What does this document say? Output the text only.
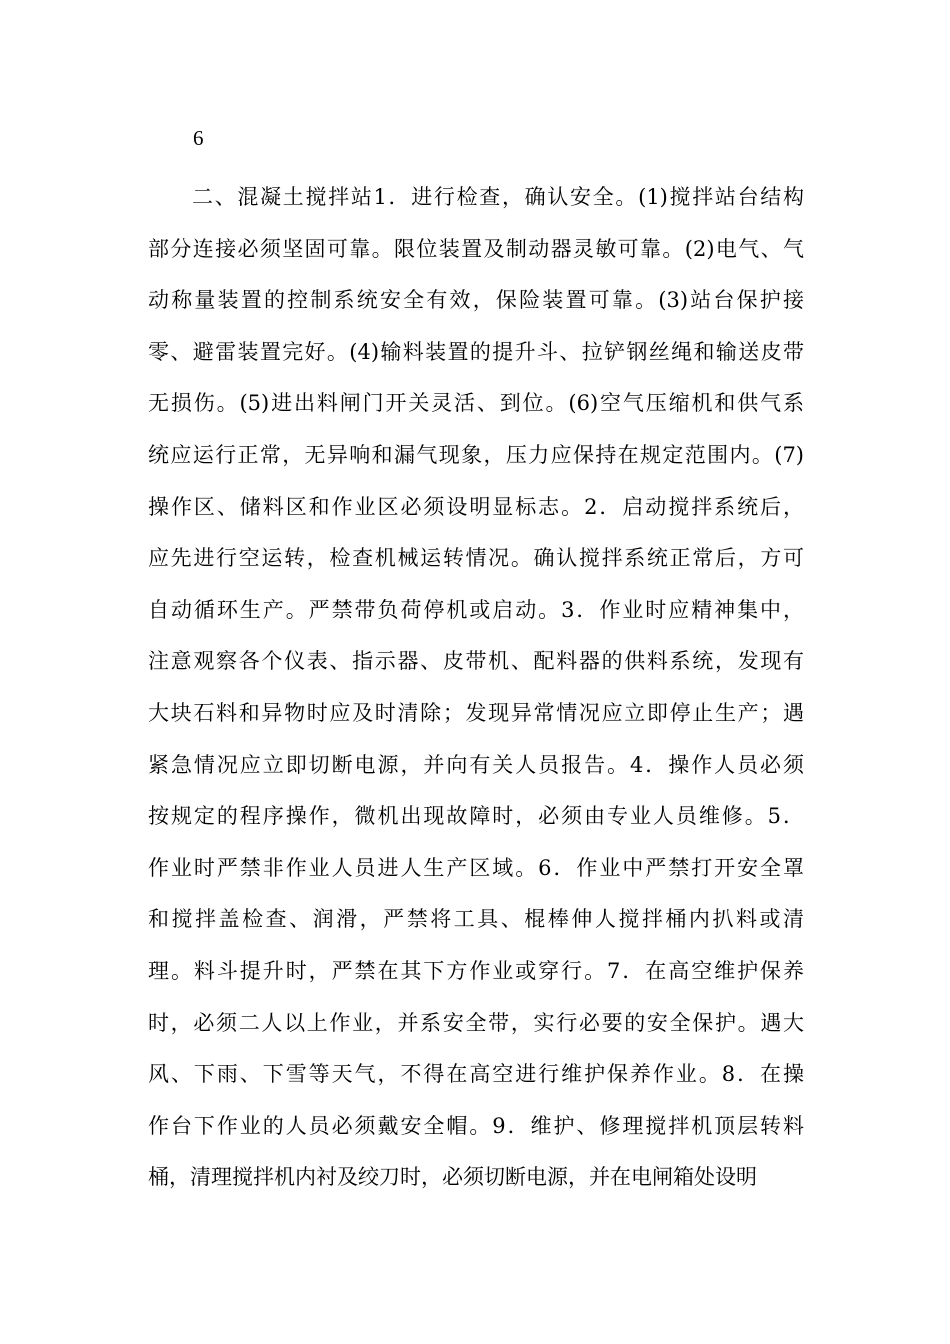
6
二、混凝土搅拌站1．进行检查，确认安全。(1)搅拌站台结构
部分连接必须坚固可靠。限位装置及制动器灵敏可靠。(2)电气、气
动称量装置的控制系统安全有效，保险装置可靠。(3)站台保护接
零、避雷装置完好。(4)输料装置的提升斗、拉铲钢丝绳和输送皮带
无损伤。(5)进出料闸门开关灵活、到位。(6)空气压缩机和供气系
统应运行正常，无异响和漏气现象，压力应保持在规定范围内。(7)
操作区、储料区和作业区必须设明显标志。2．启动搅拌系统后，
应先进行空运转，检查机械运转情况。确认搅拌系统正常后，方可
自动循环生产。严禁带负荷停机或启动。3．作业时应精神集中，
注意观察各个仪表、指示器、皮带机、配料器的供料系统，发现有
大块石料和异物时应及时清除；发现异常情况应立即停止生产；遇
紧急情况应立即切断电源，并向有关人员报告。4．操作人员必须
按规定的程序操作，微机出现故障时，必须由专业人员维修。5．
作业时严禁非作业人员进人生产区域。6．作业中严禁打开安全罩
和搅拌盖检查、润滑，严禁将工具、棍棒伸人搅拌桶内扒料或清
理。料斗提升时，严禁在其下方作业或穿行。7．在高空维护保养
时，必须二人以上作业，并系安全带，实行必要的安全保护。遇大
风、下雨、下雪等天气，不得在高空进行维护保养作业。8．在操
作台下作业的人员必须戴安全帽。9．维护、修理搅拌机顶层转料
桶，清理搅拌机内衬及绞刀时，必须切断电源，并在电闸箱处设明
